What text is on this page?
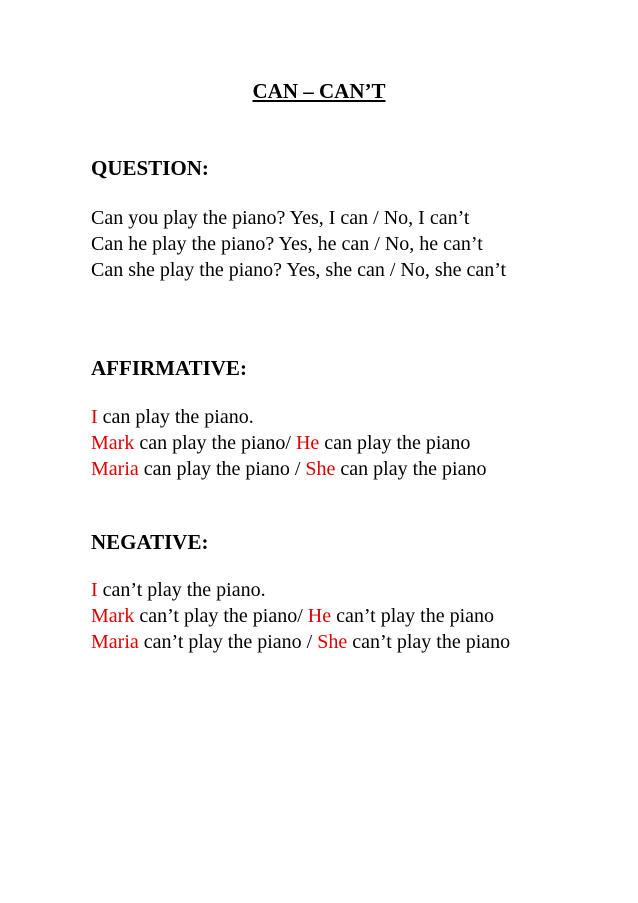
CAN – CAN’T
QUESTION:
Can you play the piano? Yes, I can / No, I can’t
Can he play the piano? Yes, he can / No, he can’t
Can she play the piano? Yes, she can / No, she can’t
AFFIRMATIVE:
I can play the piano.
Mark can play the piano/ He can play the piano
Maria can play the piano / She can play the piano
NEGATIVE:
I can’t play the piano.
Mark can’t play the piano/ He can’t play the piano
Maria can’t play the piano / She can’t play the piano
